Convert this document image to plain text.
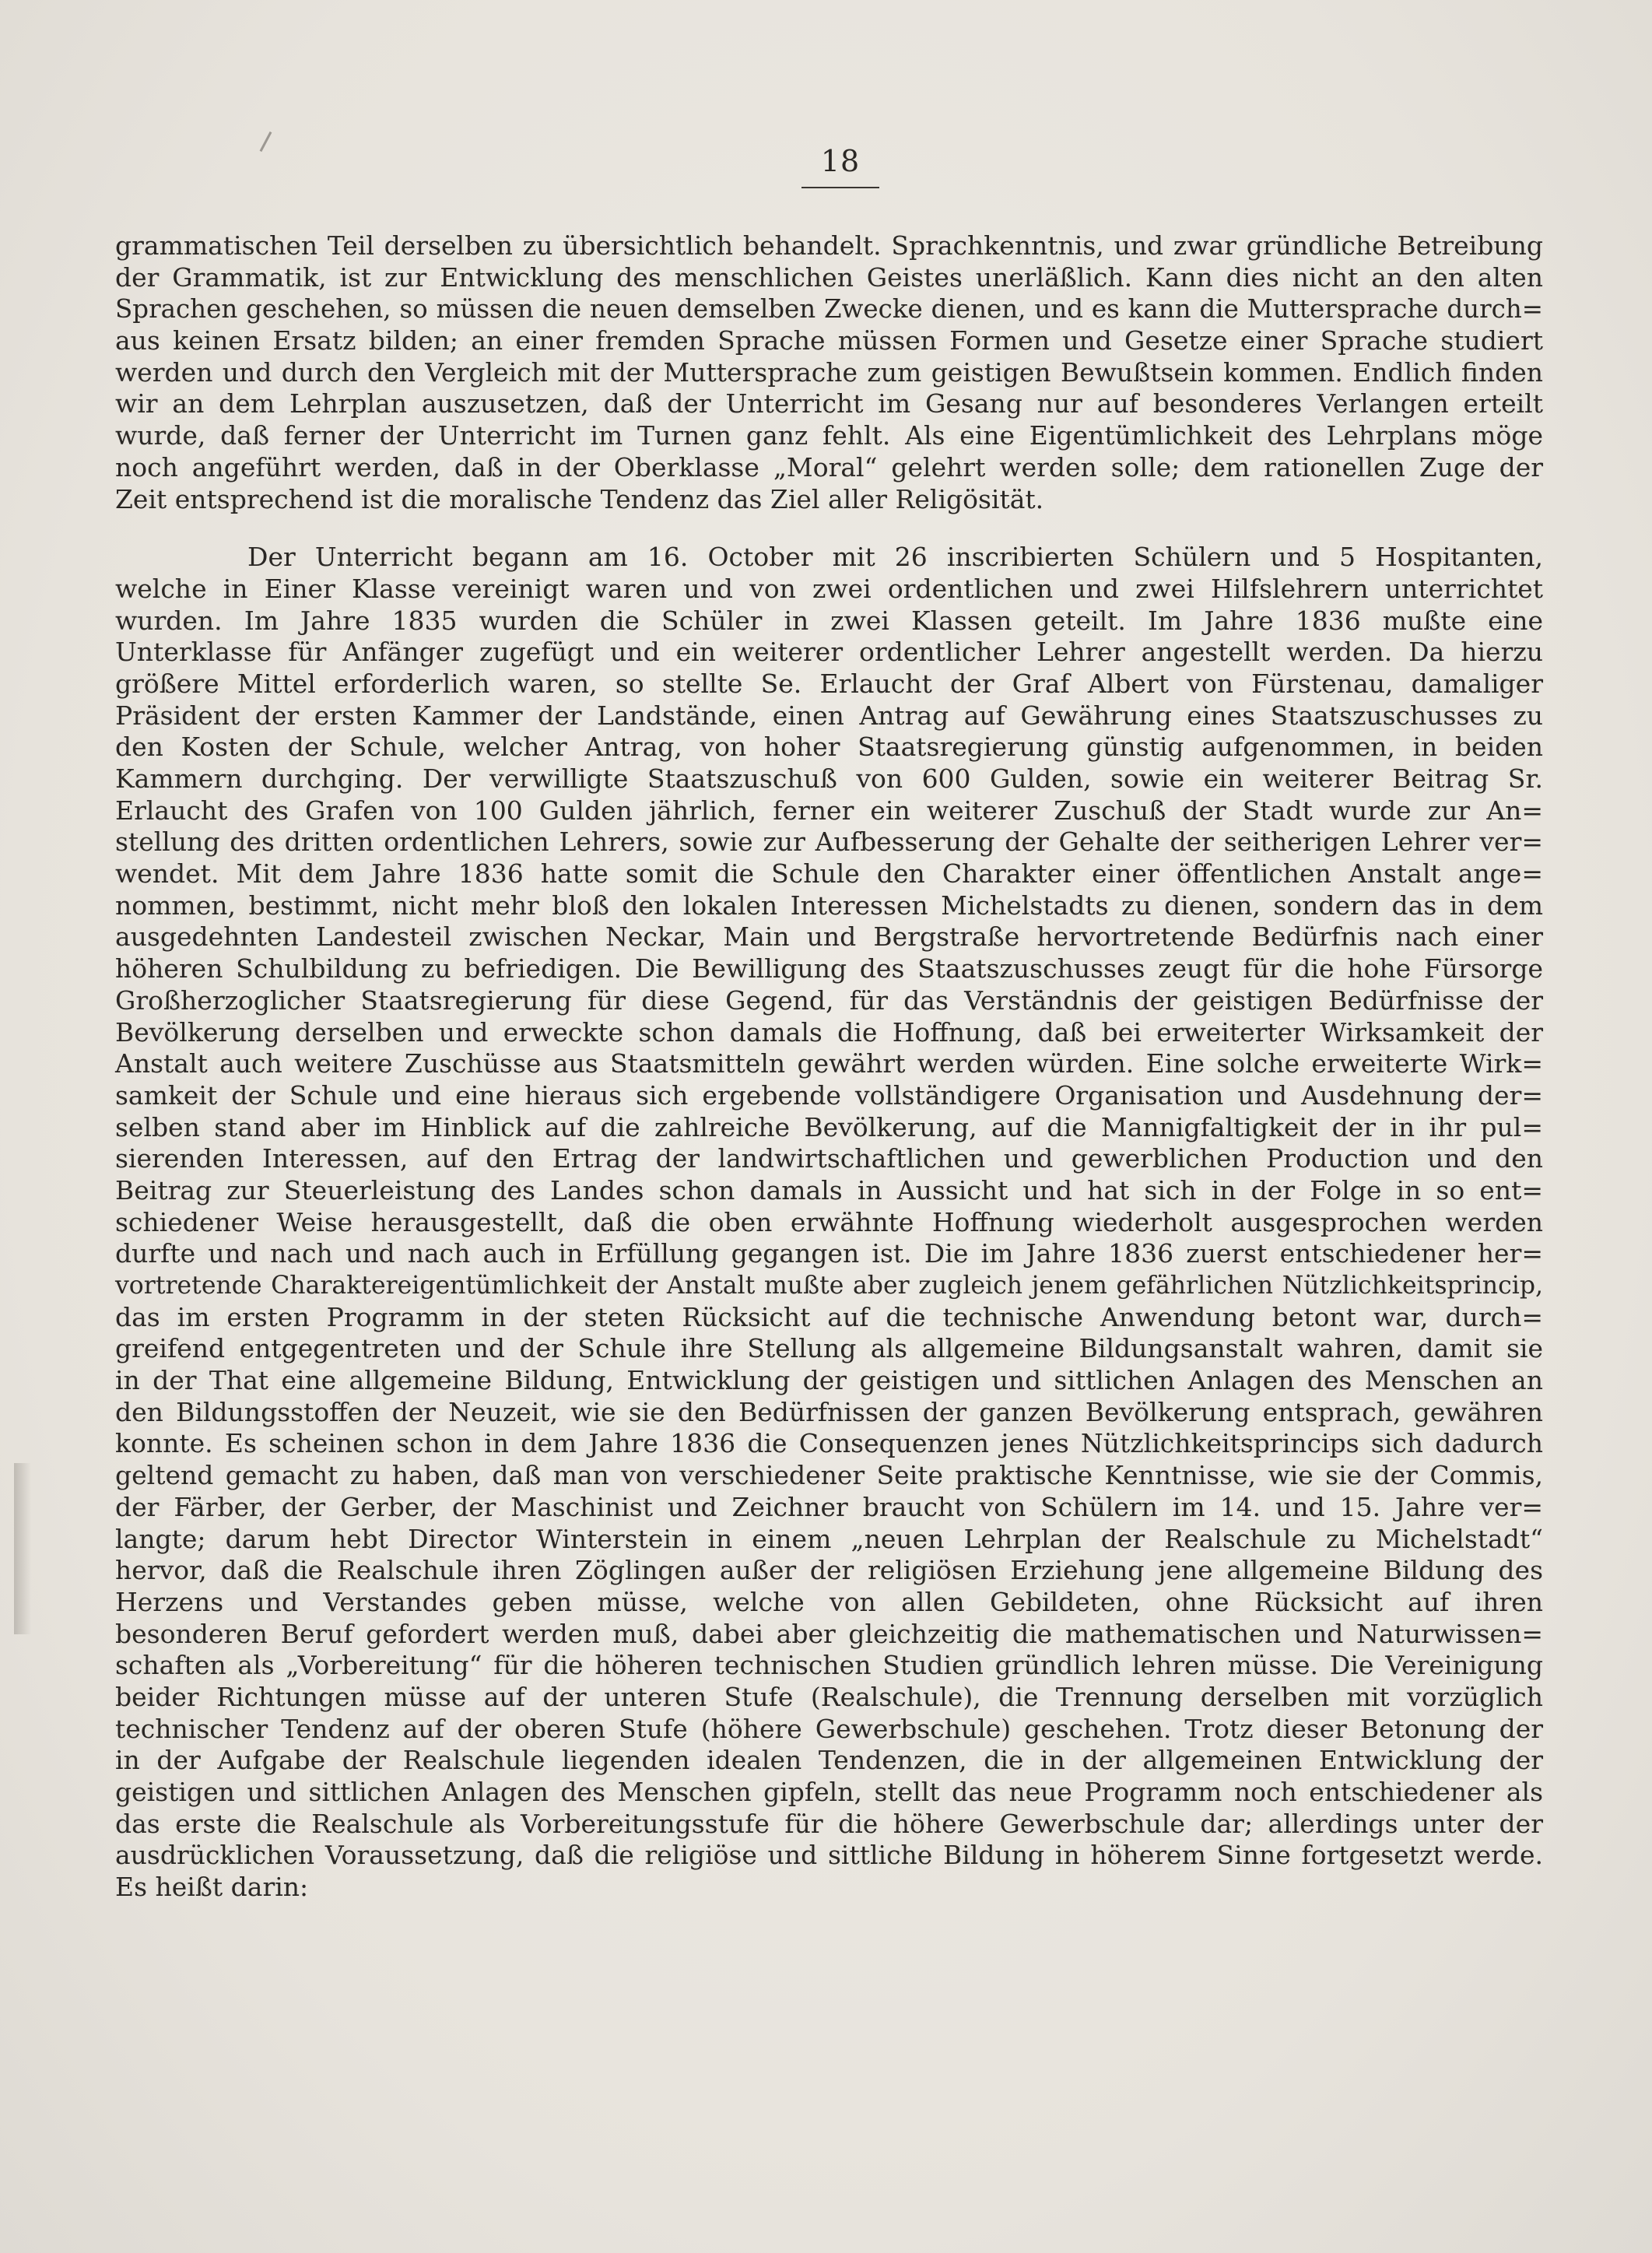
18
grammatischen Teil derselben zu übersichtlich behandelt. Sprachkenntnis, und zwar gründliche Betreibung
der Grammatik, ist zur Entwicklung des menschlichen Geistes unerläßlich. Kann dies nicht an den alten
Sprachen geschehen, so müssen die neuen demselben Zwecke dienen, und es kann die Muttersprache durch=
aus keinen Ersatz bilden; an einer fremden Sprache müssen Formen und Gesetze einer Sprache studiert
werden und durch den Vergleich mit der Muttersprache zum geistigen Bewußtsein kommen. Endlich finden
wir an dem Lehrplan auszusetzen, daß der Unterricht im Gesang nur auf besonderes Verlangen erteilt
wurde, daß ferner der Unterricht im Turnen ganz fehlt. Als eine Eigentümlichkeit des Lehrplans möge
noch angeführt werden, daß in der Oberklasse „Moral“ gelehrt werden solle; dem rationellen Zuge der
Zeit entsprechend ist die moralische Tendenz das Ziel aller Religösität.
Der Unterricht begann am 16. October mit 26 inscribierten Schülern und 5 Hospitanten,
welche in Einer Klasse vereinigt waren und von zwei ordentlichen und zwei Hilfslehrern unterrichtet
wurden. Im Jahre 1835 wurden die Schüler in zwei Klassen geteilt. Im Jahre 1836 mußte eine
Unterklasse für Anfänger zugefügt und ein weiterer ordentlicher Lehrer angestellt werden. Da hierzu
größere Mittel erforderlich waren, so stellte Se. Erlaucht der Graf Albert von Fürstenau, damaliger
Präsident der ersten Kammer der Landstände, einen Antrag auf Gewährung eines Staatszuschusses zu
den Kosten der Schule, welcher Antrag, von hoher Staatsregierung günstig aufgenommen, in beiden
Kammern durchging. Der verwilligte Staatszuschuß von 600 Gulden, sowie ein weiterer Beitrag Sr.
Erlaucht des Grafen von 100 Gulden jährlich, ferner ein weiterer Zuschuß der Stadt wurde zur An=
stellung des dritten ordentlichen Lehrers, sowie zur Aufbesserung der Gehalte der seitherigen Lehrer ver=
wendet. Mit dem Jahre 1836 hatte somit die Schule den Charakter einer öffentlichen Anstalt ange=
nommen, bestimmt, nicht mehr bloß den lokalen Interessen Michelstadts zu dienen, sondern das in dem
ausgedehnten Landesteil zwischen Neckar, Main und Bergstraße hervortretende Bedürfnis nach einer
höheren Schulbildung zu befriedigen. Die Bewilligung des Staatszuschusses zeugt für die hohe Fürsorge
Großherzoglicher Staatsregierung für diese Gegend, für das Verständnis der geistigen Bedürfnisse der
Bevölkerung derselben und erweckte schon damals die Hoffnung, daß bei erweiterter Wirksamkeit der
Anstalt auch weitere Zuschüsse aus Staatsmitteln gewährt werden würden. Eine solche erweiterte Wirk=
samkeit der Schule und eine hieraus sich ergebende vollständigere Organisation und Ausdehnung der=
selben stand aber im Hinblick auf die zahlreiche Bevölkerung, auf die Mannigfaltigkeit der in ihr pul=
sierenden Interessen, auf den Ertrag der landwirtschaftlichen und gewerblichen Production und den
Beitrag zur Steuerleistung des Landes schon damals in Aussicht und hat sich in der Folge in so ent=
schiedener Weise herausgestellt, daß die oben erwähnte Hoffnung wiederholt ausgesprochen werden
durfte und nach und nach auch in Erfüllung gegangen ist. Die im Jahre 1836 zuerst entschiedener her=
vortretende Charaktereigentümlichkeit der Anstalt mußte aber zugleich jenem gefährlichen Nützlichkeitsprincip,
das im ersten Programm in der steten Rücksicht auf die technische Anwendung betont war, durch=
greifend entgegentreten und der Schule ihre Stellung als allgemeine Bildungsanstalt wahren, damit sie
in der That eine allgemeine Bildung, Entwicklung der geistigen und sittlichen Anlagen des Menschen an
den Bildungsstoffen der Neuzeit, wie sie den Bedürfnissen der ganzen Bevölkerung entsprach, gewähren
konnte. Es scheinen schon in dem Jahre 1836 die Consequenzen jenes Nützlichkeitsprincips sich dadurch
geltend gemacht zu haben, daß man von verschiedener Seite praktische Kenntnisse, wie sie der Commis,
der Färber, der Gerber, der Maschinist und Zeichner braucht von Schülern im 14. und 15. Jahre ver=
langte; darum hebt Director Winterstein in einem „neuen Lehrplan der Realschule zu Michelstadt“
hervor, daß die Realschule ihren Zöglingen außer der religiösen Erziehung jene allgemeine Bildung des
Herzens und Verstandes geben müsse, welche von allen Gebildeten, ohne Rücksicht auf ihren
besonderen Beruf gefordert werden muß, dabei aber gleichzeitig die mathematischen und Naturwissen=
schaften als „Vorbereitung“ für die höheren technischen Studien gründlich lehren müsse. Die Vereinigung
beider Richtungen müsse auf der unteren Stufe (Realschule), die Trennung derselben mit vorzüglich
technischer Tendenz auf der oberen Stufe (höhere Gewerbschule) geschehen. Trotz dieser Betonung der
in der Aufgabe der Realschule liegenden idealen Tendenzen, die in der allgemeinen Entwicklung der
geistigen und sittlichen Anlagen des Menschen gipfeln, stellt das neue Programm noch entschiedener als
das erste die Realschule als Vorbereitungsstufe für die höhere Gewerbschule dar; allerdings unter der
ausdrücklichen Voraussetzung, daß die religiöse und sittliche Bildung in höherem Sinne fortgesetzt werde.
Es heißt darin:
